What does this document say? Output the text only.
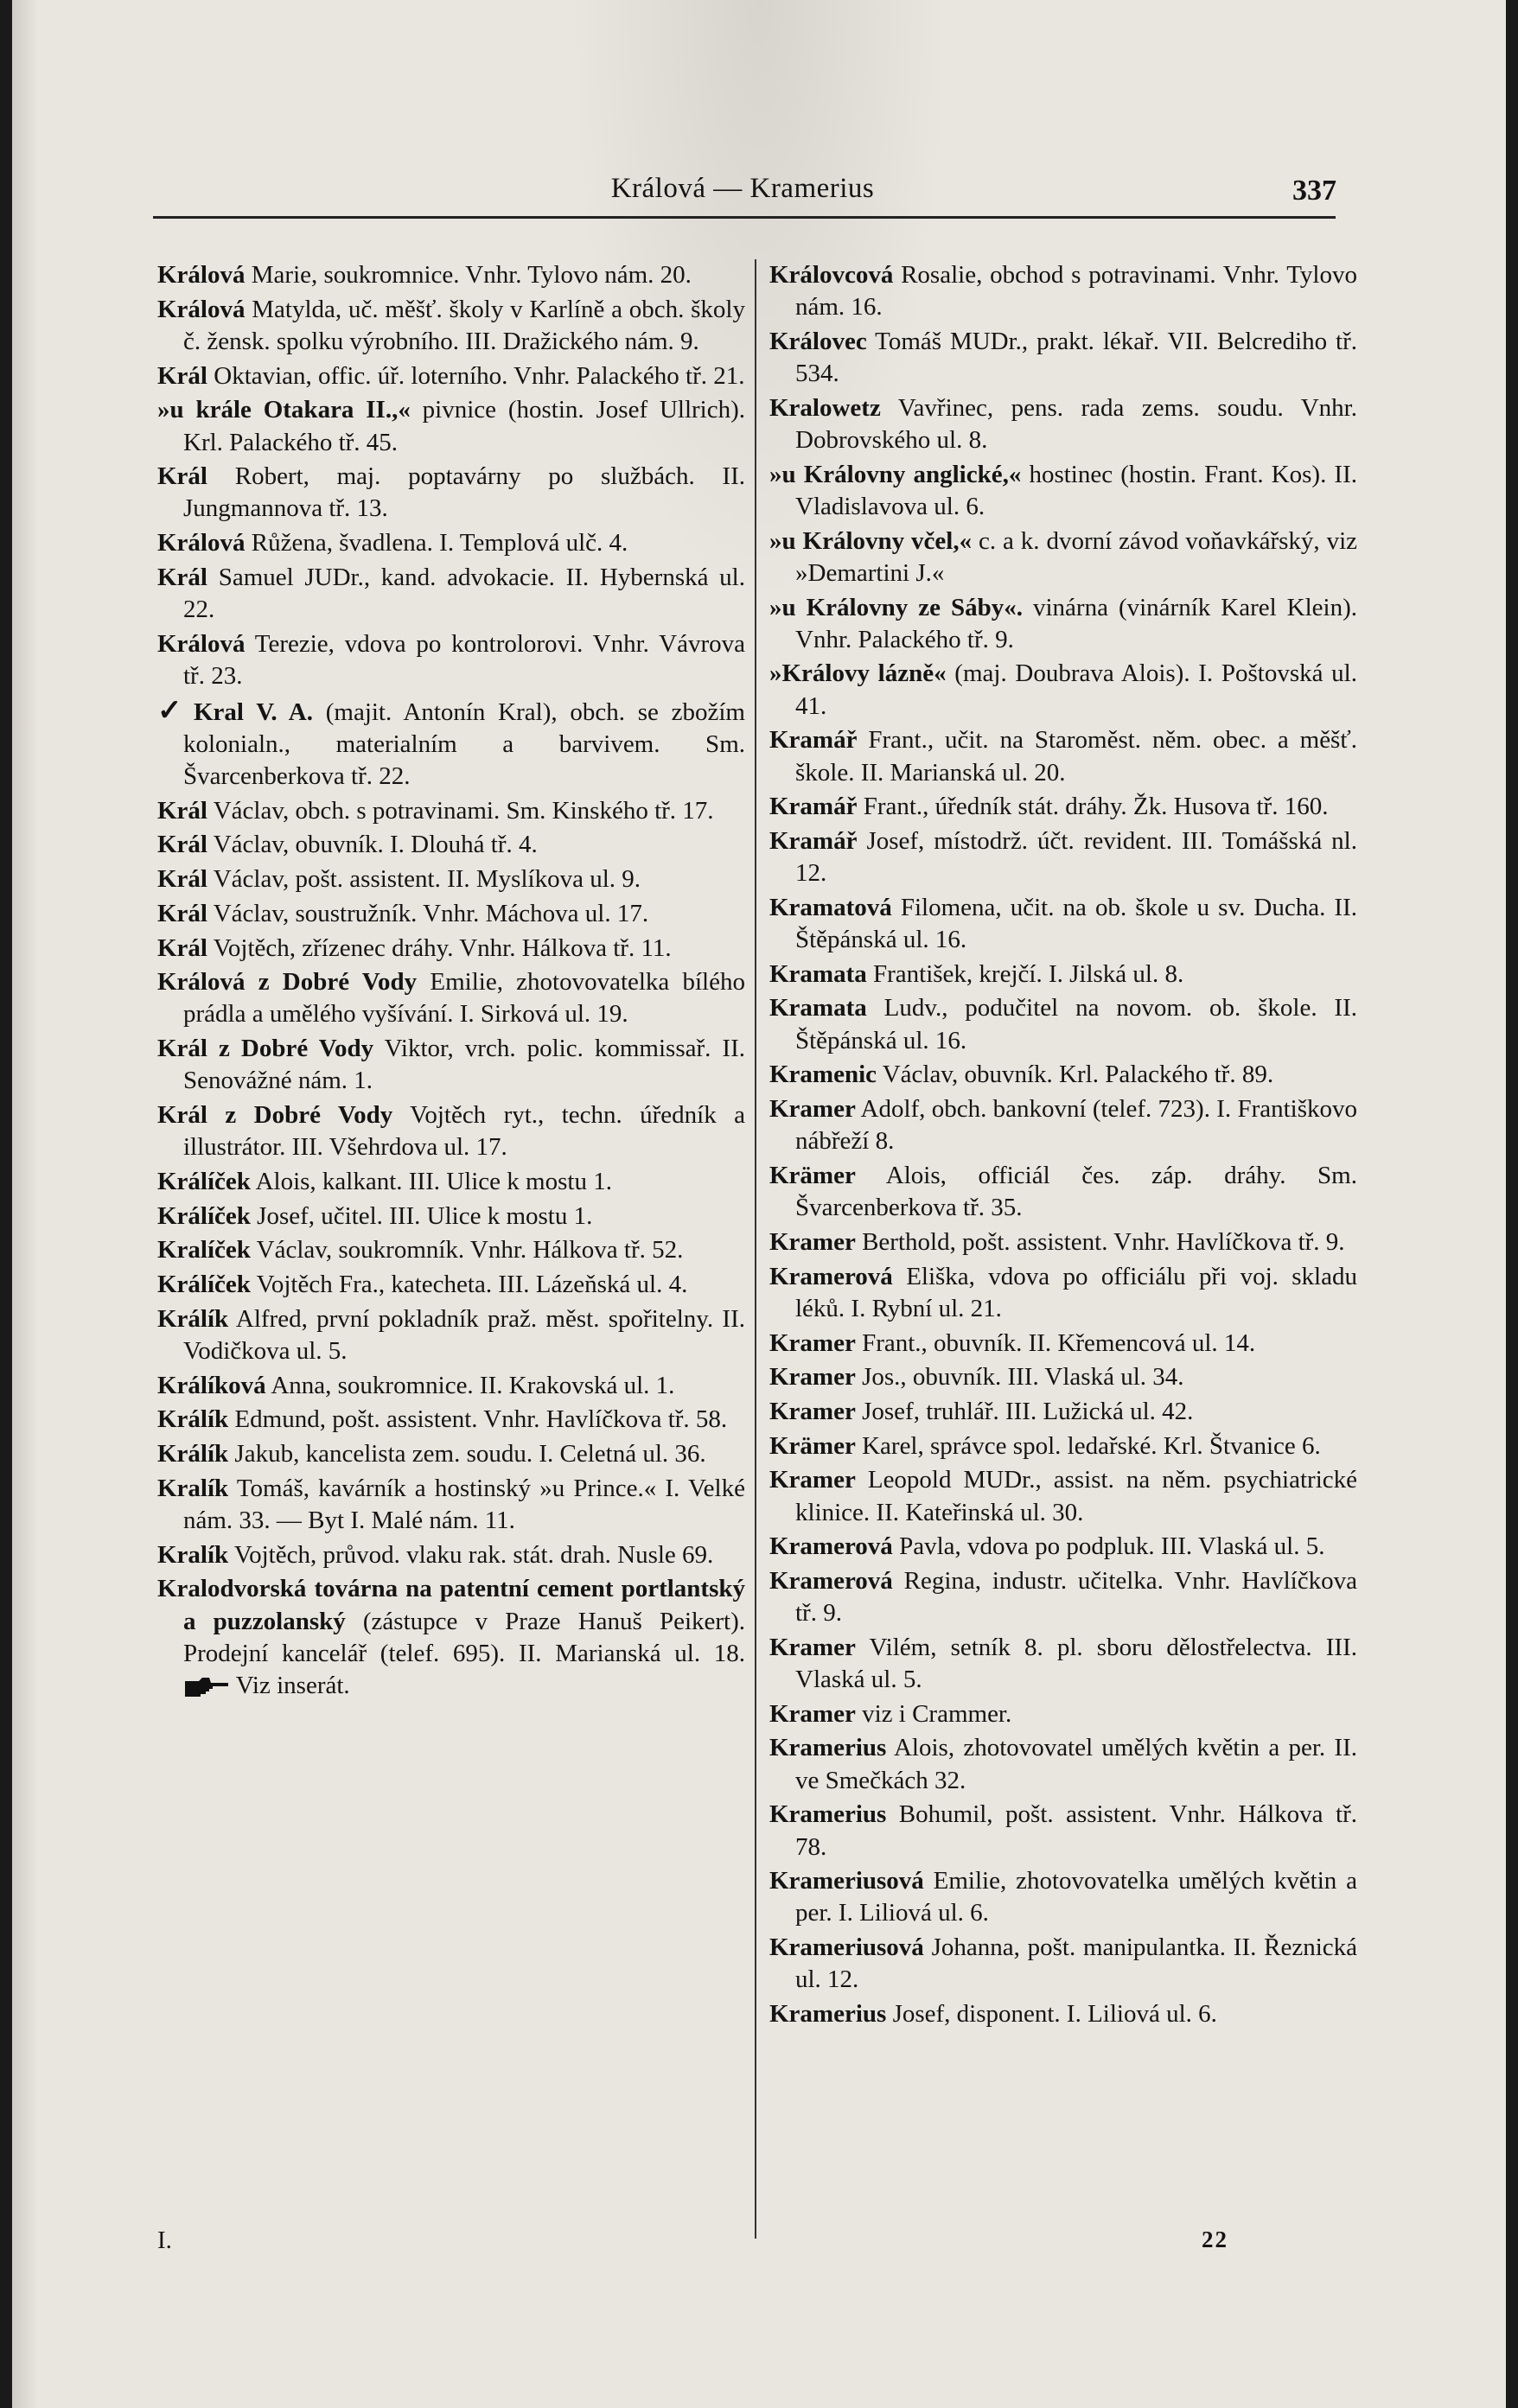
Králová — Kramerius	337

Králová Marie, soukromnice. Vnhr. Tylovo nám. 20.

Králová Matylda, uč. měšť. školy v Karlíně a obch. školy č. žensk. spolku výrobního. III. Dražického nám. 9.

Král Oktavian, offic. úř. loterního. Vnhr. Palackého tř. 21.

»u krále Otakara II.,« pivnice (hostin. Josef Ullrich). Krl. Palackého tř. 45.

Král Robert, maj. poptavárny po službách. II. Jungmannova tř. 13.

Králová Růžena, švadlena. I. Templová ulč. 4.

Král Samuel JUDr., kand. advokacie. II. Hybernská ul. 22.

Králová Terezie, vdova po kontrolorovi. Vnhr. Vávrova tř. 23.

✓ Kral V. A. (majit. Antonín Kral), obch. se zbožím kolonialn., materialním a barvivem. Sm. Švarcenberkova tř. 22.

Král Václav, obch. s potravinami. Sm. Kinského tř. 17.

Král Václav, obuvník. I. Dlouhá tř. 4.

Král Václav, pošt. assistent. II. Myslíkova ul. 9.

Král Václav, soustružník. Vnhr. Máchova ul. 17.

Král Vojtěch, zřízenec dráhy. Vnhr. Hálkova tř. 11.

Králová z Dobré Vody Emilie, zhotovovatelka bílého prádla a umělého vyšívání. I. Sirková ul. 19.

Král z Dobré Vody Viktor, vrch. polic. kommissař. II. Senovážné nám. 1.

Král z Dobré Vody Vojtěch ryt., techn. úředník a illustrátor. III. Všehrdova ul. 17.

Králíček Alois, kalkant. III. Ulice k mostu 1.

Králíček Josef, učitel. III. Ulice k mostu 1.

Kralíček Václav, soukromník. Vnhr. Hálkova tř. 52.

Králíček Vojtěch Fra., katecheta. III. Lázeňská ul. 4.

Králík Alfred, první pokladník praž. měst. spořitelny. II. Vodičkova ul. 5.

Králíková Anna, soukromnice. II. Krakovská ul. 1.

Králík Edmund, pošt. assistent. Vnhr. Havlíčkova tř. 58.

Králík Jakub, kancelista zem. soudu. I. Celetná ul. 36.

Kralík Tomáš, kavárník a hostinský »u Prince.« I. Velké nám. 33. — Byt I. Malé nám. 11.

Kralík Vojtěch, průvod. vlaku rak. stát. drah. Nusle 69.

Kralodvorská továrna na patentní cement portlantský a puzzolanský (zástupce v Praze Hanuš Peikert). Prodejní kancelář (telef. 695). II. Marianská ul. 18.  Viz inserát.

Královcová Rosalie, obchod s potravinami. Vnhr. Tylovo nám. 16.

Královec Tomáš MUDr., prakt. lékař. VII. Belcrediho tř. 534.

Kralowetz Vavřinec, pens. rada zems. soudu. Vnhr. Dobrovského ul. 8.

»u Královny anglické,« hostinec (hostin. Frant. Kos). II. Vladislavova ul. 6.

»u Královny včel,« c. a k. dvorní závod voňavkářský, viz »Demartini J.«

»u Královny ze Sáby«. vinárna (vinárník Karel Klein). Vnhr. Palackého tř. 9.

»Královy lázně« (maj. Doubrava Alois). I. Poštovská ul. 41.

Kramář Frant., učit. na Staroměst. něm. obec. a měšť. škole. II. Marianská ul. 20.

Kramář Frant., úředník stát. dráhy. Žk. Husova tř. 160.

Kramář Josef, místodrž. účt. revident. III. Tomášská nl. 12.

Kramatová Filomena, učit. na ob. škole u sv. Ducha. II. Štěpánská ul. 16.

Kramata František, krejčí. I. Jilská ul. 8.

Kramata Ludv., podučitel na novom. ob. škole. II. Štěpánská ul. 16.

Kramenic Václav, obuvník. Krl. Palackého tř. 89.

Kramer Adolf, obch. bankovní (telef. 723). I. Františkovo nábřeží 8.

Krämer Alois, officiál čes. záp. dráhy. Sm. Švarcenberkova tř. 35.

Kramer Berthold, pošt. assistent. Vnhr. Havlíčkova tř. 9.

Kramerová Eliška, vdova po officiálu při voj. skladu léků. I. Rybní ul. 21.

Kramer Frant., obuvník. II. Křemencová ul. 14.

Kramer Jos., obuvník. III. Vlaská ul. 34.

Kramer Josef, truhlář. III. Lužická ul. 42.

Krämer Karel, správce spol. ledařské. Krl. Štvanice 6.

Kramer Leopold MUDr., assist. na něm. psychiatrické klinice. II. Kateřinská ul. 30.

Kramerová Pavla, vdova po podpluk. III. Vlaská ul. 5.

Kramerová Regina, industr. učitelka. Vnhr. Havlíčkova tř. 9.

Kramer Vilém, setník 8. pl. sboru dělostřelectva. III. Vlaská ul. 5.

Kramer viz i Crammer.

Kramerius Alois, zhotovovatel umělých květin a per. II. ve Smečkách 32.

Kramerius Bohumil, pošt. assistent. Vnhr. Hálkova tř. 78.

Krameriusová Emilie, zhotovovatelka umělých květin a per. I. Liliová ul. 6.

Krameriusová Johanna, pošt. manipulantka. II. Řeznická ul. 12.

Kramerius Josef, disponent. I. Liliová ul. 6.

I.	22
